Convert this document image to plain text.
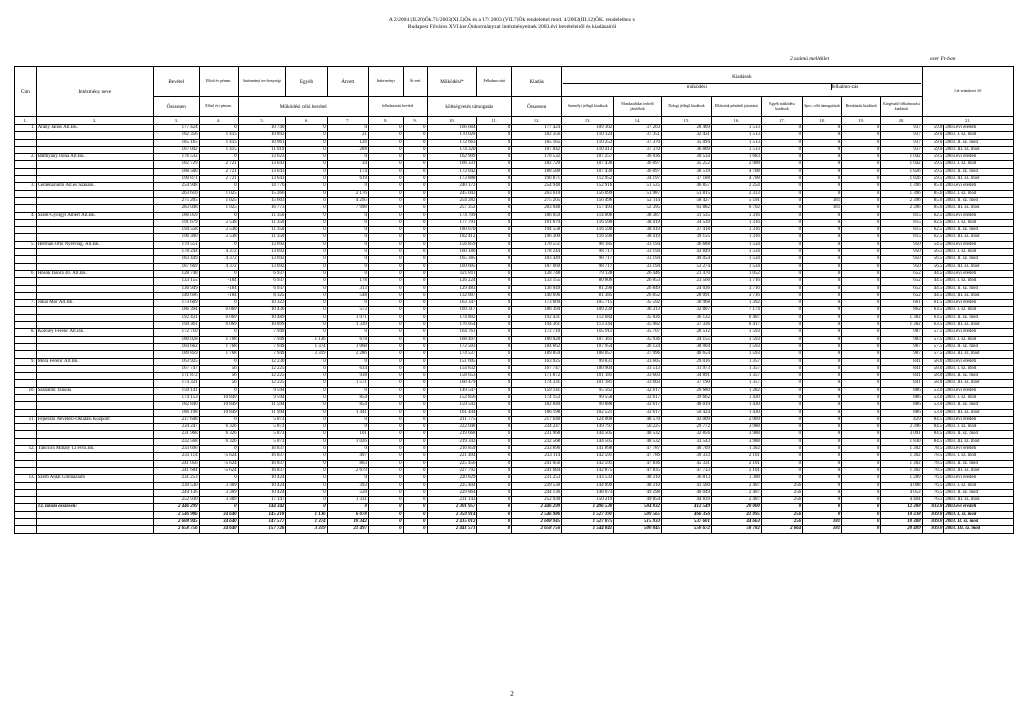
A 2/2004 (II.20)Ök.71/2003(XI.5)Ök és a 17/ 2003 (VII.7)Ök rendelettel mód. 4/2003(III.12)ÖK. rendelethez x
Budapest Főváros XVI.ker.Önkormányzat intézményeinek 2003.évi bevételeiről és kiadásairól
2.számú melléklet	ezer Ft-ban
Cím	Intézmény neve	Bevétel	Előző év pénzm.	Intézményi tev-kenységi	Egyéb	Átvett	Intéz-ményi	Át-vett	Működési*	Felhalmo-zási	Kiadás	Kiadások
működési felhalmo-zás								Lét-számkeret /fő	
		Összesen	Előző évi pénzm.	Működési célú bevétel			felhalmozási bevétel		költségvetés támogatás		Összesen	Személyi jellegű kiadások	Munkaadókat terhelő járulékok	Dologi jellegű kiadások	Ellátottak pénzbeli juttatásai	Egyéb működési kiadások	Spec. célú támogatások	Beruházási kiadások	Kiegészítő felhalmozási kiadások		
1.	2.	3.	4.	5.	6.	7.	8.	9.	10.	11.	12.	13.	14.	15.	16.	17.	18.	19.	20.	21.	
1.	Arany János Ált.Isk.	177 424	0	10 740	0	0	0	0	166 684	0	177 424	109 302	37 263	28 409	1 513	0	0	0	937	59.0	2003.évi eredeti
		182 356	1 415	10 892	0	21	0	0	170 028	0	182 356	110 124	37 351	32 431	1 513	0	0	0	937	59.0	2003. I. sz. mód
		185 165	1 415	10 961	0	126	0	0	172 663	0	185 165	110 253	37 370	35 094	1 513	0	0	0	937	59.0	2003. II. sz. mód
		187 042	1 415	11 019	0	288	0	0	174 320	0	187 042	110 413	37 370	36 809	1 513	0	0	0	937	59.0	2003. III. sz. mód
2.	Batthyány Ilona Ált.Isk.	176 532	0	13 623	0	0	0	0	162 909	0	176 532	107 257	36 036	30 534	1 683	0	0	0	1 042	59.5	2003.évi eredeti
		182 729	2 721	13 643	0	34	0	0	166 331	0	182 729	107 430	36 097	35 252	2 908	0	0	0	1 042	59.5	2003. I. sz. mód
		188 580	2 721	13 643	0	174	0	0	172 042	0	188 580	107 430	36 097	38 519	4 708	0	0	0	1 826	59.5	2003. II. sz. mód
		190 871	2 721	13 643	0	619	0	0	173 888	0	190 871	112 952	34 197	37 188	4 708	0	0	0	1 826	59.5	2003. III. sz. mód
3.	Centenáriumi Ált.és Szakisk.	254 948	0	14 776	0	0	0	0	240 172	0	254 948	152 916	51 525	46 857	2 254	0	0	0	1 396	85.0	2003.évi eredeti
		263 610	1 025	15 366	0	2 176	0	0	245 043	0	263 610	156 099	51 987	51 815	2 313	0	0	0	1 396	85.0	2003. I. sz. mód
		275 205	1 025	15 603	0	4 295	0	0	254 282	0	275 205	156 496	52 114	58 427	5 591	0	181	0	2 396	85.0	2003. II. sz. mód
		283 048	1 025	16 773	0	7 998	0	0	257 252	0	283 048	157 493	52 395	63 882	6 702	0	181	0	2 396	85.0	2003. III. sz. mód
4.	Szent-Györgyi Albert Ált.Isk.	186 059	0	11 350	0	0	0	0	174 709	0	186 059	114 006	38 387	31 535	1 316	0	0	0	815	62.5	2003.évi eredeti
		191 679	2 538	11 350	0	0	0	0	177 791	0	191 679	116 590	38 419	34 539	1 316	0	0	0	815	62.5	2003. I. sz. mód
		194 558	2 538	11 350	0	0	0	0	180 670	0	194 558	116 590	38 419	37 418	1 316	0	0	0	815	62.5	2003. II. sz. mód
		196 300	2 538	11 350	0	0	0	0	182 412	0	196 300	116 590	38 419	39 155	1 316	0	0	0	815	62.5	2003. III. sz. mód
5.	Herman Ottó Nyelvtag. Ált.Isk.	170 551	0	13 692	0	0	0	0	156 859	0	170 551	98 185	33 194	36 688	1 534	0	0	0	950	54.5	2003.évi eredeti
		178 244	4 372	13 692	0	0	0	0	160 180	0	178 244	98 717	33 194	43 849	1 534	0	0	0	950	56.5	2003. I. sz. mód
		183 449	4 372	13 692	0	0	0	0	165 385	0	183 449	98 717	33 194	49 054	1 534	0	0	0	950	56.5	2003. II. sz. mód
		187 669	4 372	13 692	0	0	0	0	169 605	0	187 669	98 717	33 194	53 274	1 534	0	0	0	950	56.5	2003. III. sz. mód
6.	Hősök fasora 30. Ált.Isk.	128 748	0	6 937	0	0	0	0	121 811	0	128 748	79 128	26 446	21 470	1 052	0	0	0	652	44.5	2003.évi eredeti
		133 155	-184	6 937	0	178	0	0	126 224	0	133 155	80 806	26 853	23 566	1 716	0	0	0	652	44.5	2003. I. sz. mód
		136 949	-184	6 937	0	313	0	0	129 483	0	136 949	81 298	26 849	24 036	3 716	0	0	0	652	44.5	2003. II. sz. mód
		140 696	-184	8 325	0	548	0	0	132 007	0	140 696	81 385	26 852	28 091	3 716	0	0	0	652	44.5	2003. III. sz. mód
7.	Jókai Mór Ált.Isk.	173 669	0	10 322	0	0	0	0	163 347	0	173 669	105 715	35 592	30 968	1 392	0	0	0	661	61.5	2003.évi eredeti
		186 394	6 069	10 436	0	572	0	0	169 317	0	186 394	109 239	36 313	32 807	7 174	0	0	0	862	63.5	2003. I. sz. mód
		192 431	6 069	10 489	0	1 071	0	0	174 802	0	192 431	112 684	35 826	36 132	6 407	0	0	0	1 382	63.5	2003. II. sz. mód
		194 361	6 069	10 899	0	1 339	0	0	176 054	0	194 361	113 244	35 982	37 336	6 417	0	0	0	1 382	63.5	2003. III. sz. mód
8.	Kölcsey Ferenc Ált.Isk.	172 710	0	7 949	0	0	0	0	164 761	0	172 710	105 911	35 707	28 512	1 593	0	0	0	987	57.5	2003.évi eredeti
		180 028	1 768	7 949	1 136	678	0	0	168 497	0	180 028	107 361	35 936	34 155	1 593	0	0	0	983	57.5	2003. I. sz. mód
		184 662	1 768	7 949	1 374	1 068	0	0	172 503	0	184 662	107 954	36 124	38 004	1 593	0	0	0	987	57.5	2003. II. sz. mód
		189 859	1 768	7 949	3 319	2 286	0	0	174 537	0	189 859	108 057	37 996	40 654	1 593	0	0	0	987	57.5	2003. III. sz. mód
9.	Móra Ferenc Ált.Isk.	163 925	0	12 230	0	0	0	0	151 695	0	163 925	99 831	33 605	29 016	1 357	0	0	0	841	58.0	2003.évi eredeti
		167 747	56	12 225	0	634	0	0	154 832	0	167 747	100 904	33 513	31 973	1 357	0	0	0	841	58.0	2003. I. sz. mód
		171 872	56	12 225	0	938	0	0	158 653	0	171 872	101 181	33 603	34 891	1 357	0	0	0	841	58.0	2003. II. sz. mód
		174 331	56	12 225	0	1 571	0	0	160 479	0	174 331	101 181	33 603	37 190	1 357	0	0	0	841	58.0	2003. III. sz. mód
10.	Sashalmi Tanoda	159 141	0	9 594	0	0	0	0	149 547	0	159 141	95 562	32 617	29 680	1 282	0	0	0	886	53.0	2003.évi eredeti
		174 153	10 849	9 594	0	854	0	0	152 856	0	174 153	99 558	32 617	39 662	1 430	0	0	0	886	53.0	2003. I. sz. mód
		182 840	10 849	11 594	0	854	0	0	159 543	0	182 840	99 888	32 617	48 019	1 430	0	0	0	886	53.0	2003. II. sz. mód
		186 198	10 849	11 994	0	1 441	0	0	161 444	0	186 198	102 521	32 617	50 424	1 430	0	0	0	886	53.0	2003. III. sz. mód
11.	Fejlesztő Nevelési-Oktatási Központ	217 648	0	5 873	0	0	0	0	211 775	0	217 648	124 000	48 570	43 009	2 069	0	0	0	429	84.5	2003.évi eredeti
		234 247	6 326	5 873	0	0	0	0	222 048	0	234 247	149 797	50 225	29 772	3 988	0	0	0	2 396	84.5	2003. I. sz. mód
		231 968	6 326	5 873	0	101	0	0	219 668	0	231 968	144 505	48 532	32 856	3 988	0	0	0	3 091	84.5	2003. II. sz. mód
		232 568	6 326	5 873	0	1 026	0	0	219 343	0	232 568	144 505	48 532	33 543	3 988	0	0	0	1 830	84.5	2003. III. sz. mód
12.	Táncsics Mihály 12 évfo.Isk.	233 696	0	16 837	0	0	0	0	216 859	0	233 696	141 898	47 787	40 709	1 302	0	0	0	1 302	78.5	2003.évi eredeti
		233 114	-5 624	16 837	0	497	0	0	221 404	0	233 114	142 591	47 786	39 333	2 101	0	0	0	1 302	78.5	2003. I. sz. mód
		241 056	-5 624	16 837	0	863	0	0	225 456	0	241 056	142 591	47 836	45 331	2 101	0	0	0	1 302	78.5	2003. II. sz. mód
		241 684	-5 624	16 837	0	2 679	0	0	227 792	0	241 684	142 875	47 835	47 733	2 101	0	0	0	1 302	78.5	2003. III. sz. mód
13.	Szerb Antal Gimnázium	231 253	0	10 424	0	0	0	0	220 829	0	231 253	143 533	48 310	36 813	1 308	0	0	0	1 289	76.5	2003.évi eredeti
		239 530	3 309	10 424	0	393	0	0	225 404	0	239 530	144 899	48 310	41 560	2 407	256	0	0	4 098	76.5	2003. I. sz. mód
		244 136	3 309	10 424	0	539	0	0	229 864	0	244 136	148 073	49 298	40 049	2 407	256	0	0	4 053	76.5	2003. II. sz. mód
		252 930	3 309	17 147	0	1 331	0	0	231 143	0	252 930	150 219	49 854	44 839	2 407	256	0	0	4 404	76.5	2003. III. sz. mód
	13. iskola összesen:	2 446 299	0	144 342	0	0	0	0	2 301 957	0	2 446 299	1 496 530	504 832	412 549	20 000	0	0	0	12 388	833.0	2003.évi eredeti
		2 546 986	34 640	145 218	1 136	6 078	0	0	2 359 914	0	2 546 986	1 527 191	509 565	466 356	41 095	256	0	0	18 338	839.0	2003. I. sz. mód
		2 608 945	34 640	147 577	1 374	10 342	0	0	2 415 012	0	2 608 945	1 527 875	515 933	537 601	44 663	256	181	0	18 388	839.0	2003. II. sz. mód
		2 658 756	34 640	157 726	3 319	21 497	0	0	2 441 571	0	2 658 756	1 544 841	500 845	550 672	58 782	2 664	181	0	20 489	839.0	2003. III. sz. mód
2
